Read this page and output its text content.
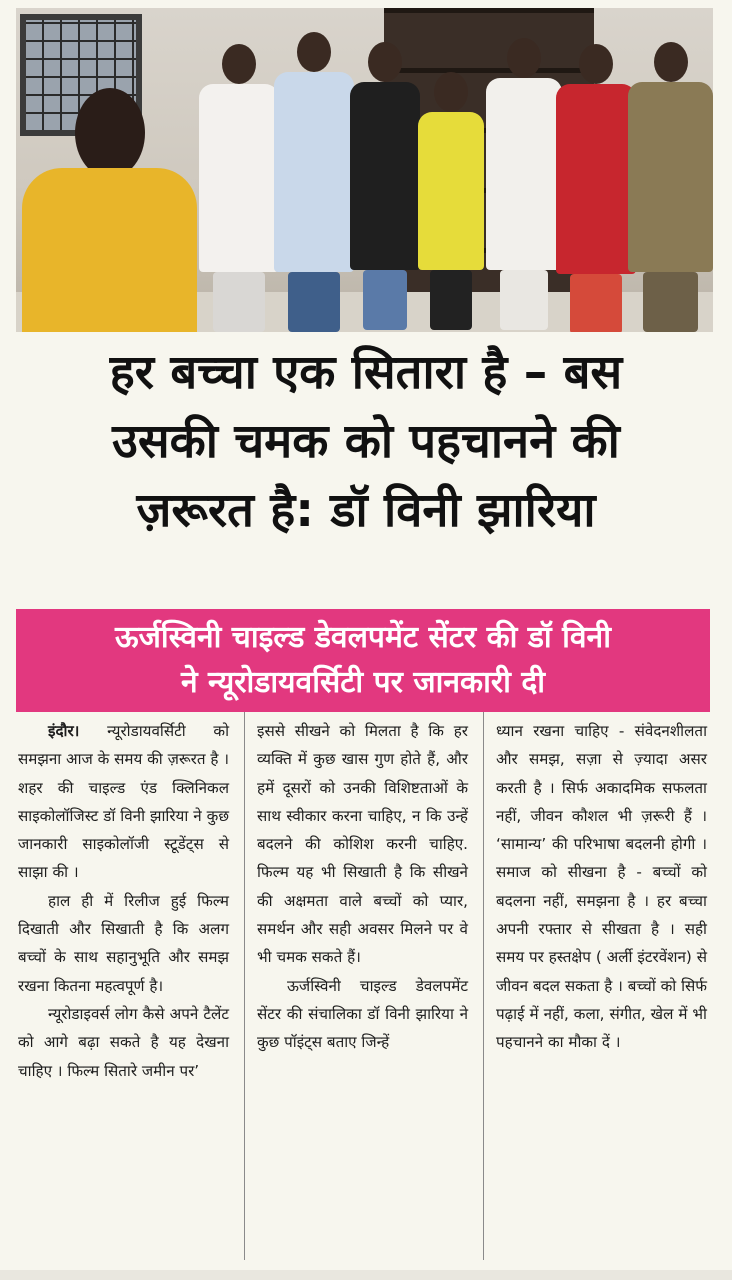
हर बच्चा एक सितारा है – बस
उसकी चमक को पहचानने की
ज़रूरत है: डॉ विनी झारिया
ऊर्जस्विनी चाइल्ड डेवलपमेंट सेंटर की डॉ विनी
ने न्यूरोडायवर्सिटी पर जानकारी दी

इंदौर। न्यूरोडायवर्सिटी को समझना आज के समय की ज़रूरत है । शहर की चाइल्ड एंड क्लिनिकल साइकोलॉजिस्ट डॉ विनी झारिया ने कुछ जानकारी साइकोलॉजी स्टूडेंट्स से साझा की ।

हाल ही में रिलीज हुई फिल्म दिखाती और सिखाती है कि अलग बच्चों के साथ सहानुभूति और समझ रखना कितना महत्वपूर्ण है।

न्यूरोडाइवर्स लोग कैसे अपने टैलेंट को आगे बढ़ा सकते है यह देखना चाहिए । फिल्म सितारे जमीन पर’

इससे सीखने को मिलता है कि हर व्यक्ति में कुछ खास गुण होते हैं, और हमें दूसरों को उनकी विशिष्टताओं के साथ स्वीकार करना चाहिए, न कि उन्हें बदलने की कोशिश करनी चाहिए. फिल्म यह भी सिखाती है कि सीखने की अक्षमता वाले बच्चों को प्यार, समर्थन और सही अवसर मिलने पर वे भी चमक सकते हैं।

ऊर्जस्विनी चाइल्ड डेवलपमेंट सेंटर की संचालिका डॉ विनी झारिया ने कुछ पॉइंट्स बताए जिन्हें

ध्यान रखना चाहिए - संवेदनशीलता और समझ, सज़ा से ज़्यादा असर करती है । सिर्फ अकादमिक सफलता नहीं, जीवन कौशल भी ज़रूरी हैं । ‘सामान्य’ की परिभाषा बदलनी होगी । समाज को सीखना है - बच्चों को बदलना नहीं, समझना है । हर बच्चा अपनी रफ्तार से सीखता है । सही समय पर हस्तक्षेप ( अर्ली इंटरवेंशन) से जीवन बदल सकता है । बच्चों को सिर्फ पढ़ाई में नहीं, कला, संगीत, खेल में भी पहचानने का मौका दें ।
